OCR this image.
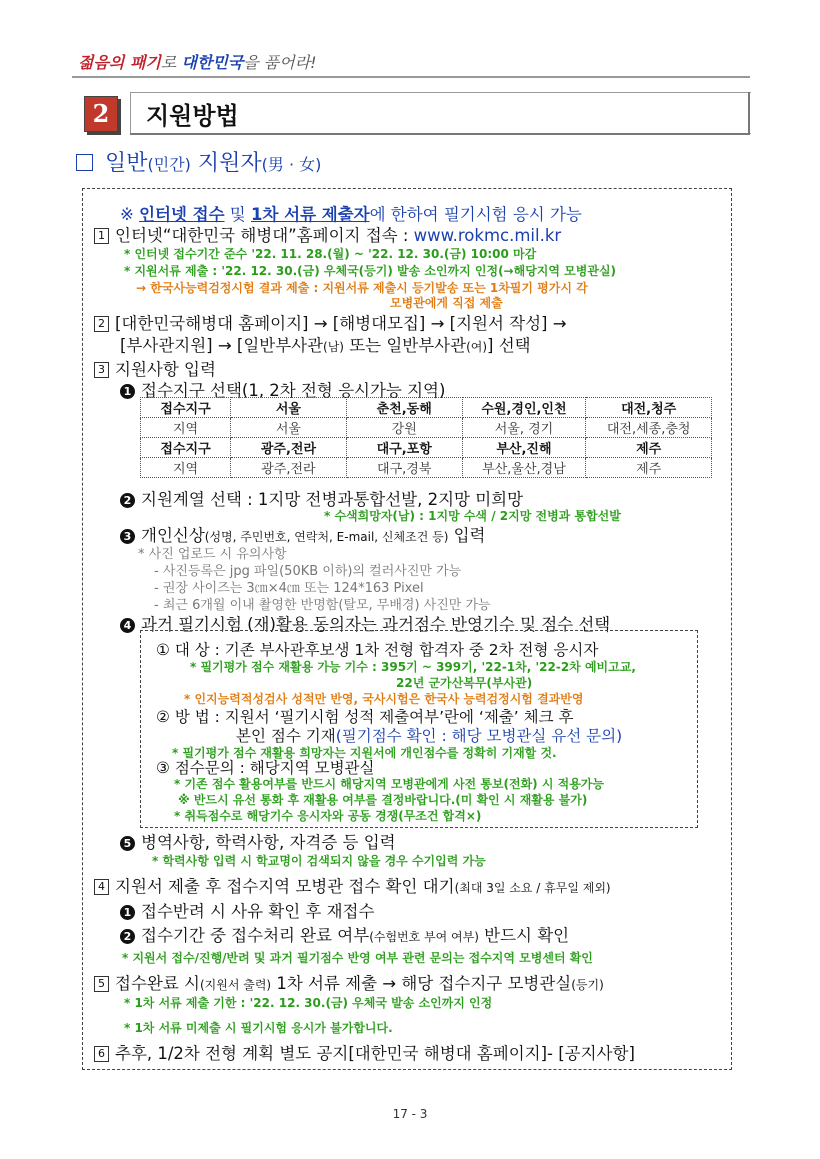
젊음의 패기로 대한민국을 품어라!
2	지원방법
일반(민간) 지원자(男 · 女)
※ 인터넷 접수 및 1차 서류 제출자에 한하여 필기시험 응시 가능
1 인터넷“대한민국 해병대”홈페이지 접속 : www.rokmc.mil.kr
* 인터넷 접수기간 준수 '22. 11. 28.(월) ~ '22. 12. 30.(금) 10:00 마감
* 지원서류 제출 : '22. 12. 30.(금) 우체국(등기) 발송 소인까지 인정(→해당지역 모병관실)
→ 한국사능력검정시험 결과 제출 : 지원서류 제출시 등기발송 또는 1차필기 평가시 각
모병관에게 직접 제출
2 [대한민국해병대 홈페이지] → [해병대모집] → [지원서 작성] →
[부사관지원] → [일반부사관(남) 또는 일반부사관(여)] 선택
3 지원사항 입력
1 접수지구 선택(1, 2차 전형 응시가능 지역)
접수지구	서울	춘천,동해	수원,경인,인천	대전,청주
지역	서울	강원	서울, 경기	대전,세종,충청
접수지구	광주,전라	대구,포항	부산,진해	제주
지역	광주,전라	대구,경북	부산,울산,경남	제주
2 지원계열 선택 : 1지망 전병과통합선발, 2지망 미희망
* 수색희망자(남) : 1지망 수색 / 2지망 전병과 통합선발
3 개인신상(성명, 주민번호, 연락처, E-mail, 신체조건 등) 입력
* 사진 업로드 시 유의사항
- 사진등록은 jpg 파일(50KB 이하)의 컬러사진만 가능
- 권장 사이즈는 3㎝×4㎝ 또는 124*163 Pixel
- 최근 6개월 이내 촬영한 반명함(탈모, 무배경) 사진만 가능
4 과거 필기시험 (재)활용 동의자는 과거점수 반영기수 및 점수 선택
① 대 상 : 기존 부사관후보생 1차 전형 합격자 중 2차 전형 응시자
* 필기평가 점수 재활용 가능 기수 : 395기 ~ 399기, '22-1차, '22-2차 예비고교,
22년 군가산복무(부사관)
* 인지능력적성검사 성적만 반영, 국사시험은 한국사 능력검정시험 결과반영
② 방 법 : 지원서 ‘필기시험 성적 제출여부’란에 ‘제출’ 체크 후
본인 점수 기재(필기점수 확인 : 해당 모병관실 유선 문의)
* 필기평가 점수 재활용 희망자는 지원서에 개인점수를 정확히 기재할 것.
③ 점수문의 : 해당지역 모병관실
* 기존 점수 활용여부를 반드시 해당지역 모병관에게 사전 통보(전화) 시 적용가능
※ 반드시 유선 통화 후 재활용 여부를 결정바랍니다.(미 확인 시 재활용 불가)
* 취득점수로 해당기수 응시자와 공동 경쟁(무조건 합격×)
5 병역사항, 학력사항, 자격증 등 입력
* 학력사항 입력 시 학교명이 검색되지 않을 경우 수기입력 가능
4 지원서 제출 후 접수지역 모병관 접수 확인 대기(최대 3일 소요 / 휴무일 제외)
1 접수반려 시 사유 확인 후 재접수
2 접수기간 중 접수처리 완료 여부(수험번호 부여 여부) 반드시 확인
* 지원서 접수/진행/반려 및 과거 필기점수 반영 여부 관련 문의는 접수지역 모병센터 확인
5 접수완료 시(지원서 출력) 1차 서류 제출 → 해당 접수지구 모병관실(등기)
* 1차 서류 제출 기한 : '22. 12. 30.(금) 우체국 발송 소인까지 인정
* 1차 서류 미제출 시 필기시험 응시가 불가합니다.
6 추후, 1/2차 전형 계획 별도 공지[대한민국 해병대 홈페이지]- [공지사항]
17 - 3
